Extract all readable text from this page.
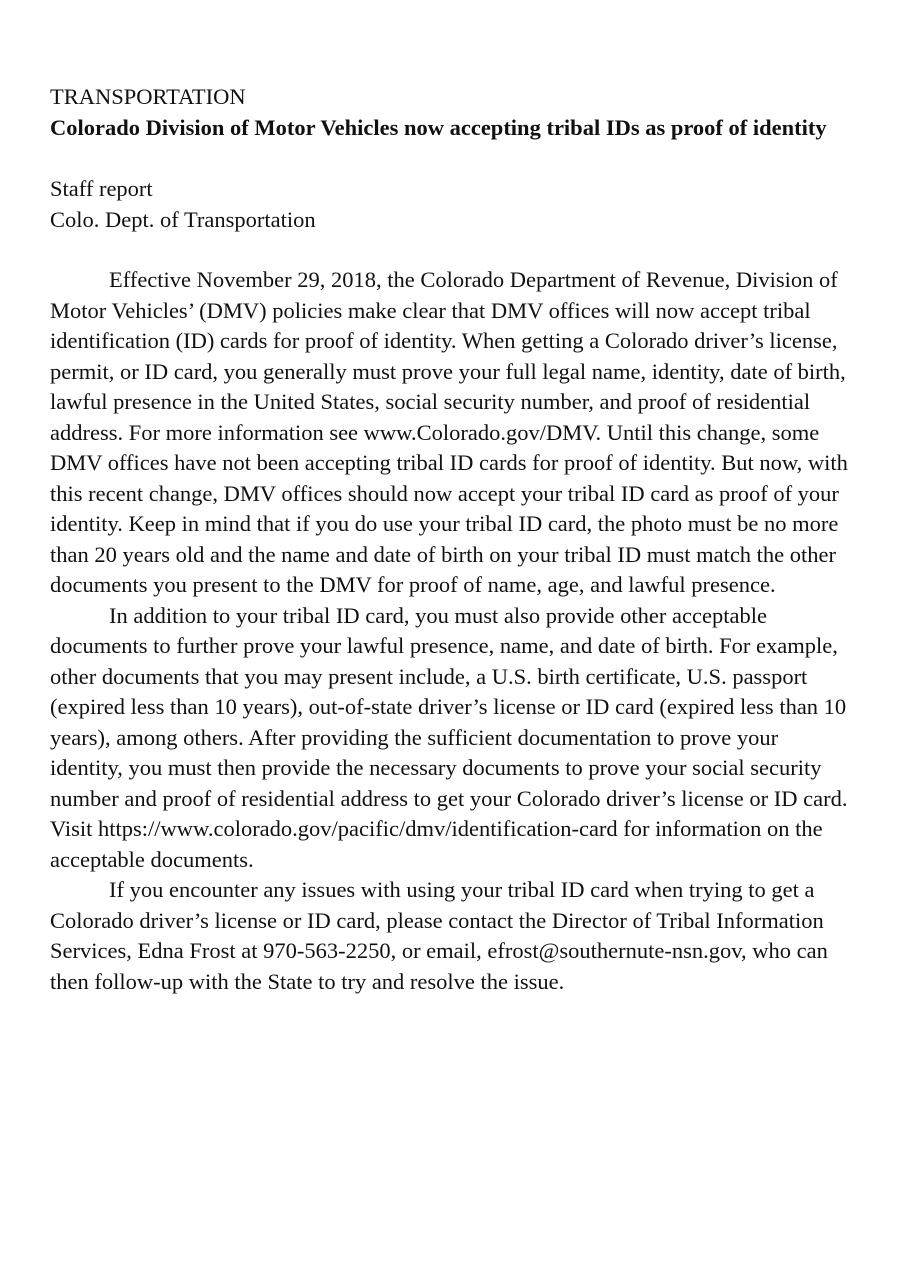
TRANSPORTATION
Colorado Division of Motor Vehicles now accepting tribal IDs as proof of identity
Staff report
Colo. Dept. of Transportation

Effective November 29, 2018, the Colorado Department of Revenue, Division of Motor Vehicles’ (DMV) policies make clear that DMV offices will now accept tribal identification (ID) cards for proof of identity. When getting a Colorado driver’s license, permit, or ID card, you generally must prove your full legal name, identity, date of birth, lawful presence in the United States, social security number, and proof of residential address. For more information see www.Colorado.gov/DMV. Until this change, some DMV offices have not been accepting tribal ID cards for proof of identity. But now, with this recent change, DMV offices should now accept your tribal ID card as proof of your identity. Keep in mind that if you do use your tribal ID card, the photo must be no more than 20 years old and the name and date of birth on your tribal ID must match the other documents you present to the DMV for proof of name, age, and lawful presence.

In addition to your tribal ID card, you must also provide other acceptable documents to further prove your lawful presence, name, and date of birth. For example, other documents that you may present include, a U.S. birth certificate, U.S. passport (expired less than 10 years), out-of-state driver’s license or ID card (expired less than 10 years), among others. After providing the sufficient documentation to prove your identity, you must then provide the necessary documents to prove your social security number and proof of residential address to get your Colorado driver’s license or ID card. Visit https://www.colorado.gov/pacific/dmv/identification-card for information on the acceptable documents.

If you encounter any issues with using your tribal ID card when trying to get a Colorado driver’s license or ID card, please contact the Director of Tribal Information Services, Edna Frost at 970-563-2250, or email, efrost@southernute-nsn.gov, who can then follow-up with the State to try and resolve the issue.
